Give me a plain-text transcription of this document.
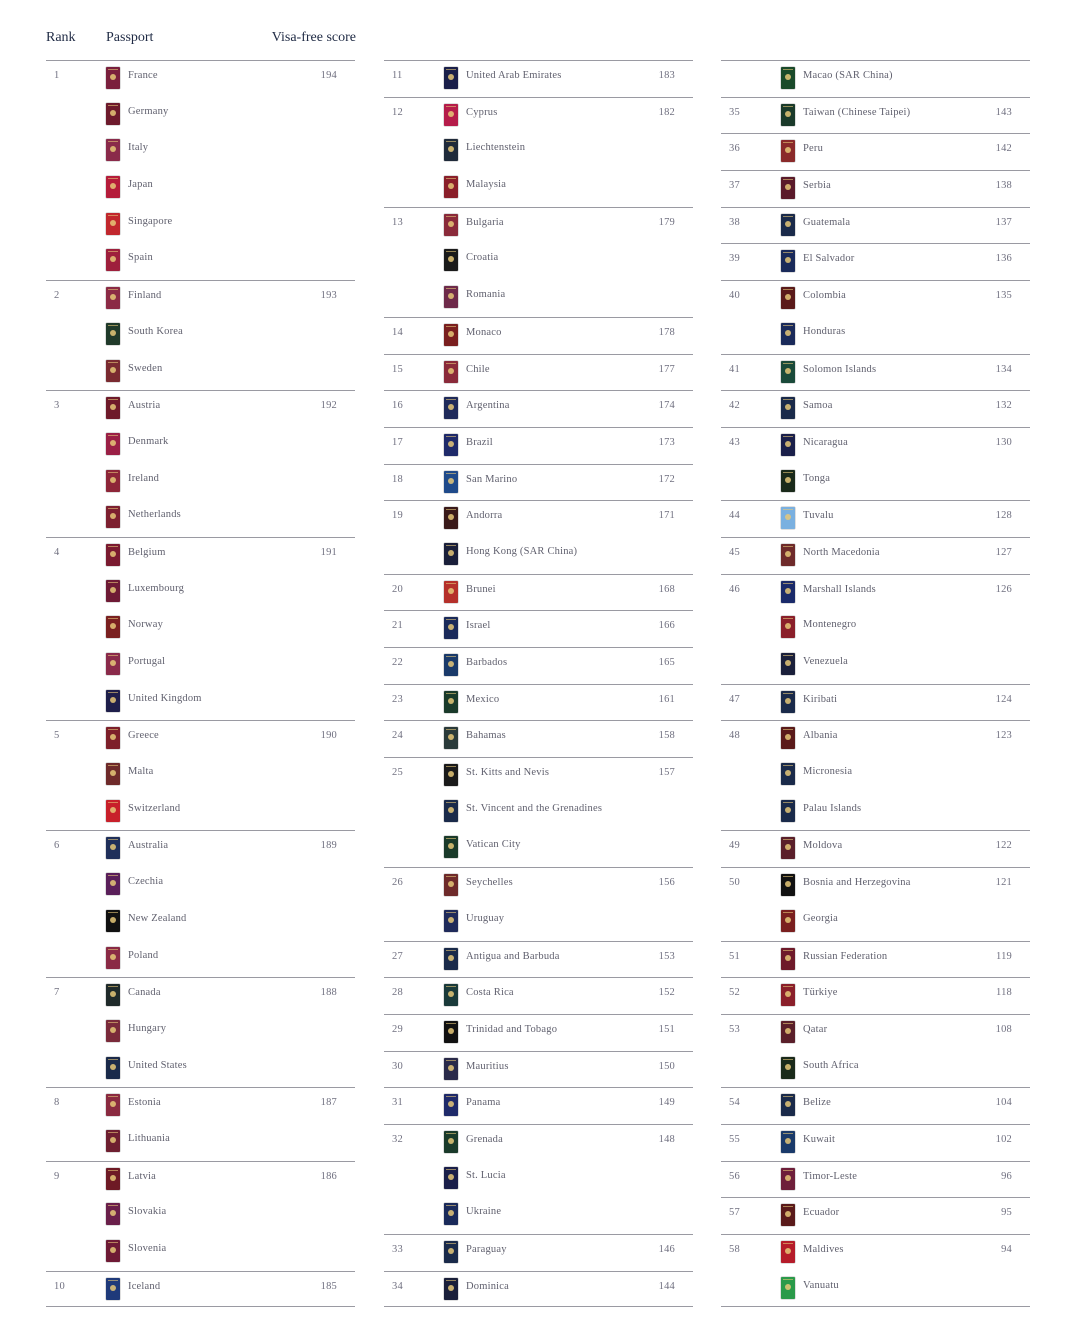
Rank Passport	Visa-free score
1	France	194
Germany
Italy
Japan
Singapore
Spain
2	Finland	193
South Korea
Sweden
3	Austria	192
Denmark
Ireland
Netherlands
4	Belgium	191
Luxembourg
Norway
Portugal
United Kingdom
5	Greece	190
Malta
Switzerland
6	Australia	189
Czechia
New Zealand
Poland
7	Canada	188
Hungary
United States
8	Estonia	187
Lithuania
9	Latvia	186
Slovakia
Slovenia
10	Iceland	185
11	United Arab Emirates	183
12	Cyprus	182
Liechtenstein
Malaysia
13	Bulgaria	179
Croatia
Romania
14	Monaco	178
15	Chile	177
16	Argentina	174
17	Brazil	173
18	San Marino	172
19	Andorra	171
Hong Kong (SAR China)
20	Brunei	168
21	Israel	166
22	Barbados	165
23	Mexico	161
24	Bahamas	158
25	St. Kitts and Nevis	157
St. Vincent and the Grenadines
Vatican City
26	Seychelles	156
Uruguay
27	Antigua and Barbuda	153
28	Costa Rica	152
29	Trinidad and Tobago	151
30	Mauritius	150
31	Panama	149
32	Grenada	148
St. Lucia
Ukraine
33	Paraguay	146
34	Dominica	144
Macao (SAR China)
35	Taiwan (Chinese Taipei)	143
36	Peru	142
37	Serbia	138
38	Guatemala	137
39	El Salvador	136
40	Colombia	135
Honduras
41	Solomon Islands	134
42	Samoa	132
43	Nicaragua	130
Tonga
44	Tuvalu	128
45	North Macedonia	127
46	Marshall Islands	126
Montenegro
Venezuela
47	Kiribati	124
48	Albania	123
Micronesia
Palau Islands
49	Moldova	122
50	Bosnia and Herzegovina	121
Georgia
51	Russian Federation	119
52	Türkiye	118
53	Qatar	108
South Africa
54	Belize	104
55	Kuwait	102
56	Timor-Leste	96
57	Ecuador	95
58	Maldives	94
Vanuatu
